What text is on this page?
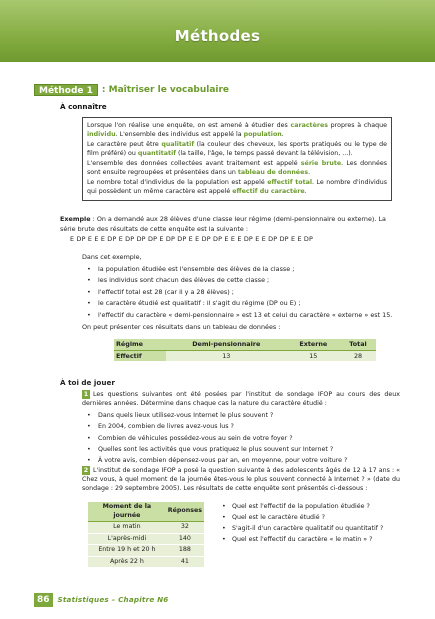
Méthodes
Méthode 1	: Maîtriser le vocabulaire
À connaître

Lorsque l'on réalise une enquête, on est amené à étudier des caractères propres à chaque individu. L'ensemble des individus est appelé la population.

Le caractère peut être qualitatif (la couleur des cheveux, les sports pratiqués ou le type de film préféré) ou quantitatif (la taille, l'âge, le temps passé devant la télévision, ...).

L'ensemble des données collectées avant traitement est appelé série brute. Les données sont ensuite regroupées et présentées dans un tableau de données.

Le nombre total d'individus de la population est appelé effectif total. Le nombre d'individus qui possèdent un même caractère est appelé effectif du caractère.

Exemple : On a demandé aux 28 élèves d'une classe leur régime (demi-pensionnaire ou externe). La série brute des résultats de cette enquête est la suivante :
E DP E E E DP E DP DP DP E DP DP E E DP DP E E E DP E E DP DP E E DP
Dans cet exemple,
• la population étudiée est l'ensemble des élèves de la classe ;
• les individus sont chacun des élèves de cette classe ;
• l'effectif total est 28 (car il y a 28 élèves) ;
• le caractère étudié est qualitatif : il s'agit du régime (DP ou E) ;
• l'effectif du caractère « demi-pensionnaire » est 13 et celui du caractère « externe » est 15.
On peut présenter ces résultats dans un tableau de données :
Régime	Demi-pensionnaire	Externe	Total
Effectif	13	15	28
À toi de jouer
1 Les questions suivantes ont été posées par l'institut de sondage IFOP au cours des deux dernières années. Détermine dans chaque cas la nature du caractère étudié :
• Dans quels lieux utilisez-vous Internet le plus souvent ?
• En 2004, combien de livres avez-vous lus ?
• Combien de véhicules possédez-vous au sein de votre foyer ?
• Quelles sont les activités que vous pratiquez le plus souvent sur Internet ?
• À votre avis, combien dépensez-vous par an, en moyenne, pour votre voiture ?
2 L'institut de sondage IFOP a posé la question suivante à des adolescents âgés de 12 à 17 ans : « Chez vous, à quel moment de la journée êtes-vous le plus souvent connecté à Internet ? » (date du sondage : 29 septembre 2005). Les résultats de cette enquête sont présentés ci-dessous :
Moment de la journée	Réponses
Le matin	32
L'après-midi	140
Entre 19 h et 20 h	188
Après 22 h	41
• Quel est l'effectif de la population étudiée ?
• Quel est le caractère étudié ?
• S'agit-il d'un caractère qualitatif ou quantitatif ?
• Quel est l'effectif du caractère « le matin » ?
86	Statistiques – Chapitre N6
